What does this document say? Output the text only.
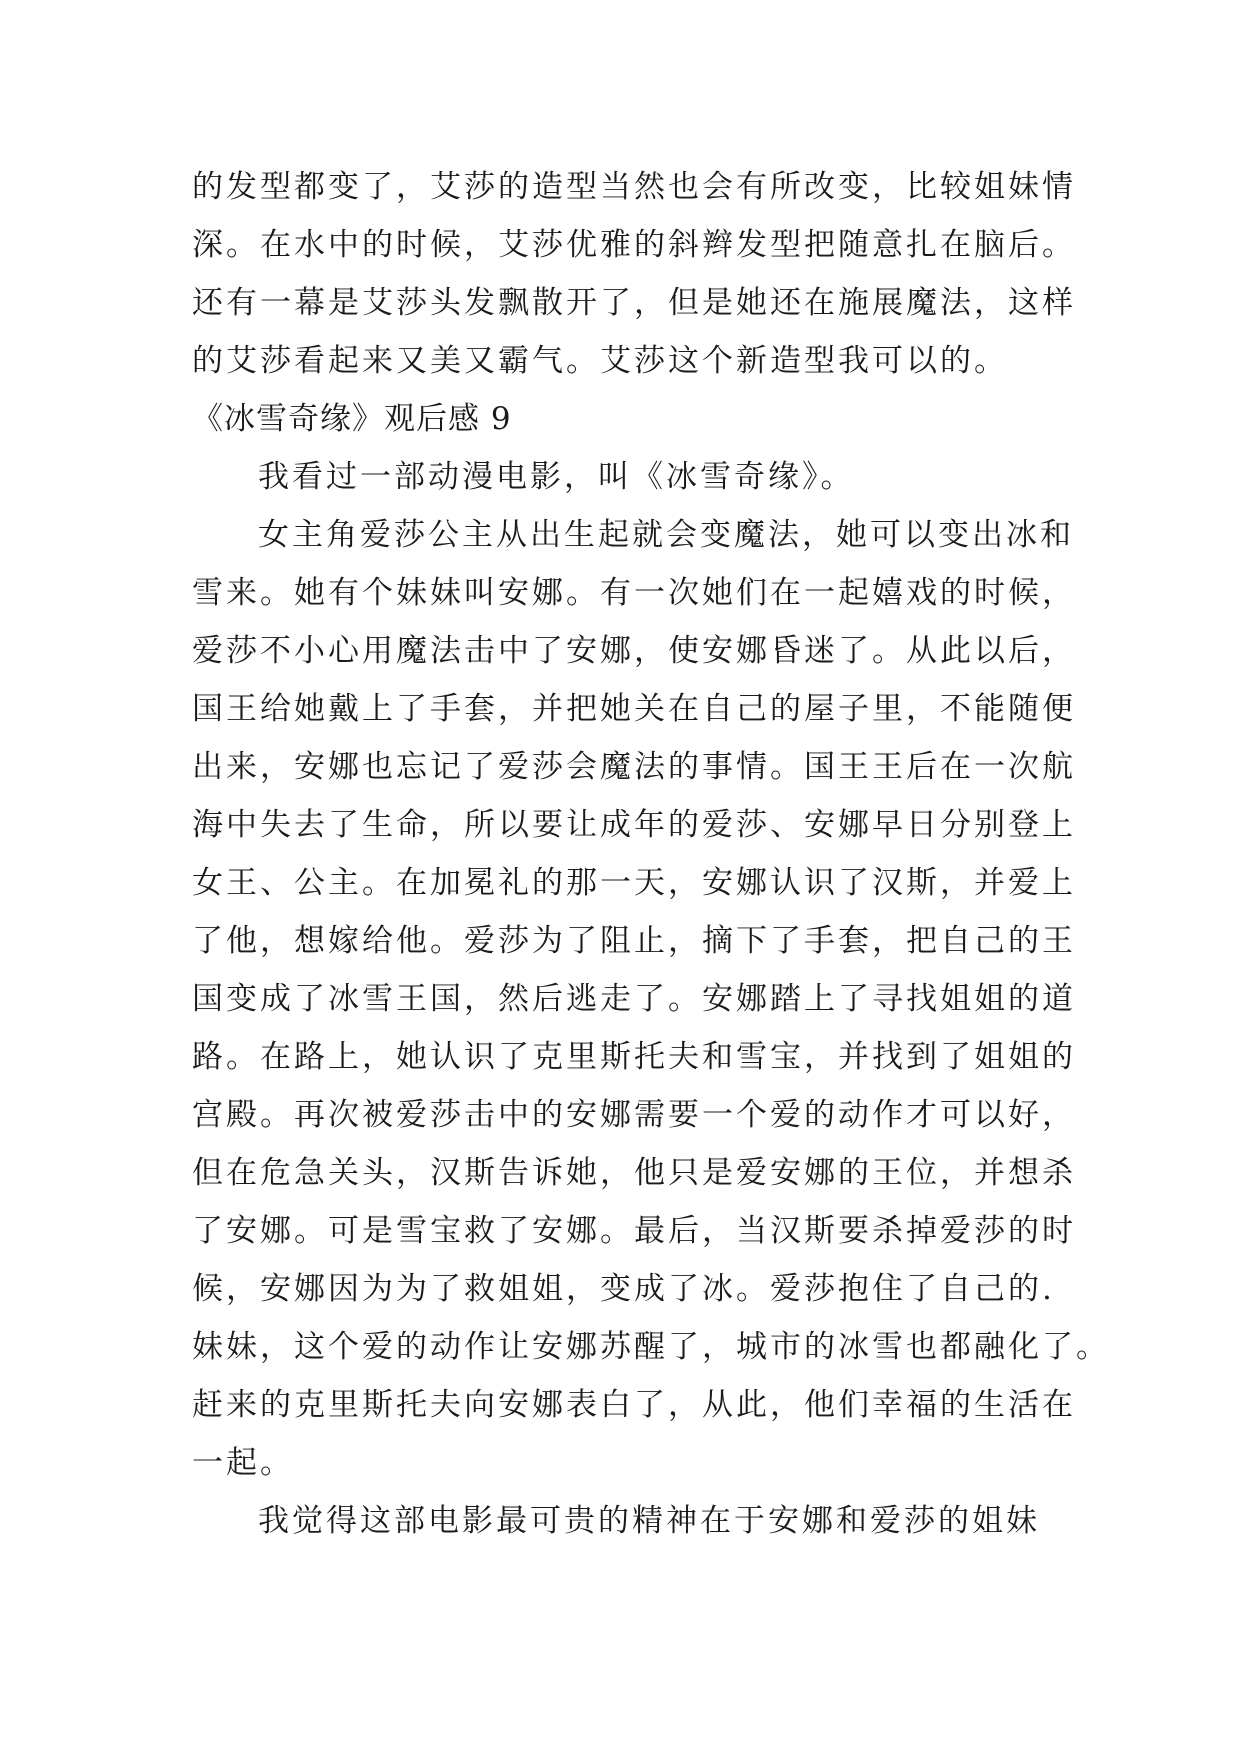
的发型都变了，艾莎的造型当然也会有所改变，比较姐妹情
深。在水中的时候，艾莎优雅的斜辫发型把随意扎在脑后。
还有一幕是艾莎头发飘散开了，但是她还在施展魔法，这样
的艾莎看起来又美又霸气。艾莎这个新造型我可以的。
《冰雪奇缘》观后感 9
我看过一部动漫电影，叫《冰雪奇缘》。
女主角爱莎公主从出生起就会变魔法，她可以变出冰和
雪来。她有个妹妹叫安娜。有一次她们在一起嬉戏的时候，
爱莎不小心用魔法击中了安娜，使安娜昏迷了。从此以后，
国王给她戴上了手套，并把她关在自己的屋子里，不能随便
出来，安娜也忘记了爱莎会魔法的事情。国王王后在一次航
海中失去了生命，所以要让成年的爱莎、安娜早日分别登上
女王、公主。在加冕礼的那一天，安娜认识了汉斯，并爱上
了他，想嫁给他。爱莎为了阻止，摘下了手套，把自己的王
国变成了冰雪王国，然后逃走了。安娜踏上了寻找姐姐的道
路。在路上，她认识了克里斯托夫和雪宝，并找到了姐姐的
宫殿。再次被爱莎击中的安娜需要一个爱的动作才可以好，
但在危急关头，汉斯告诉她，他只是爱安娜的王位，并想杀
了安娜。可是雪宝救了安娜。最后，当汉斯要杀掉爱莎的时
候，安娜因为为了救姐姐，变成了冰。爱莎抱住了自己的.
妹妹，这个爱的动作让安娜苏醒了，城市的冰雪也都融化了。
赶来的克里斯托夫向安娜表白了，从此，他们幸福的生活在
一起。
我觉得这部电影最可贵的精神在于安娜和爱莎的姐妹
